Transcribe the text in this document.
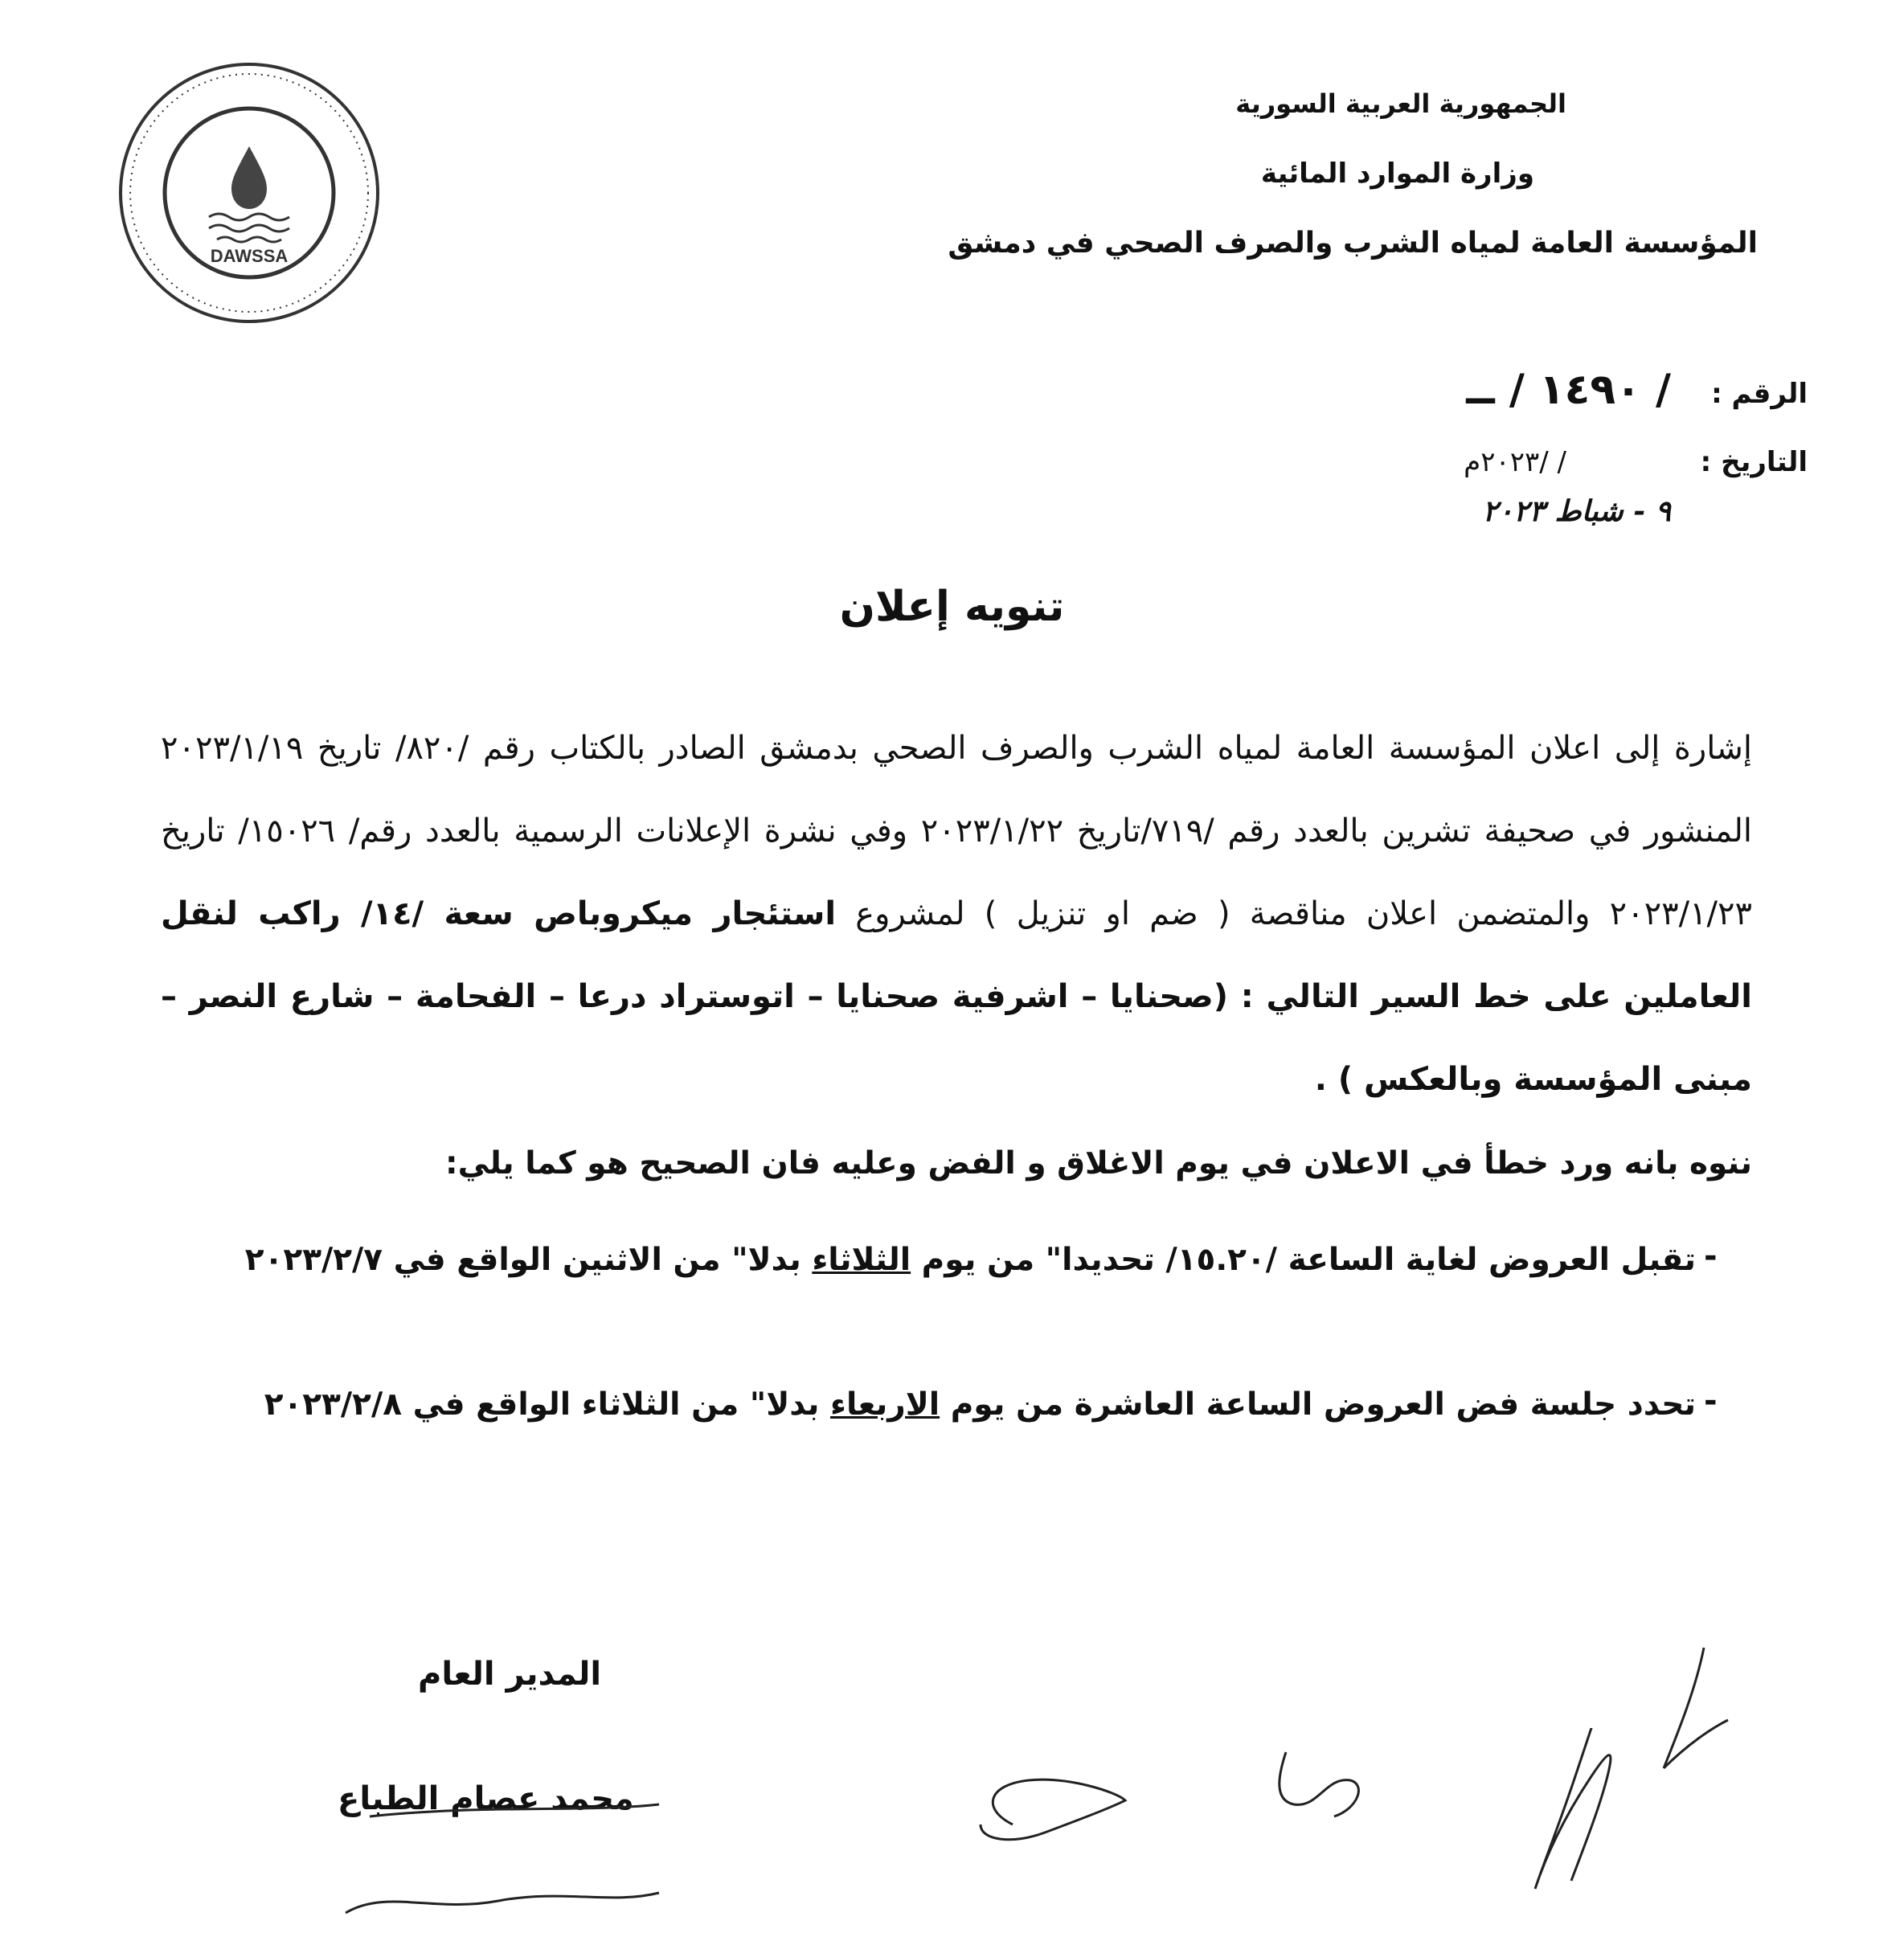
DAWSSA
الجمهورية العربية السورية
وزارة الموارد المائية
المؤسسة العامة لمياه الشرب والصرف الصحي في دمشق
الرقم :
/ ١٤٩٠ / ــ
التاريخ :
/ /٢٠٢٣م
٩ - شباط ٢٠٢٣
تنويه إعلان
إشارة إلى اعلان المؤسسة العامة لمياه الشرب والصرف الصحي بدمشق الصادر بالكتاب رقم /٨٢٠/ تاريخ ٢٠٢٣/١/١٩ المنشور في صحيفة تشرين بالعدد رقم /٧١٩/تاريخ ٢٠٢٣/١/٢٢ وفي نشرة الإعلانات الرسمية بالعدد رقم/ ١٥٠٢٦/ تاريخ ٢٠٢٣/١/٢٣ والمتضمن اعلان مناقصة ( ضم او تنزيل ) لمشروع استئجار ميكروباص سعة /١٤/ راكب لنقل العاملين على خط السير التالي : (صحنايا – اشرفية صحنايا – اتوستراد درعا – الفحامة – شارع النصر – مبنى المؤسسة وبالعكس ) .
ننوه بانه ورد خطأ في الاعلان في يوم الاغلاق و الفض وعليه فان الصحيح هو كما يلي:
-
تقبل العروض لغاية الساعة /١٥.٢٠/ تحديدا" من يوم الثلاثاء بدلا" من الاثنين الواقع في ٢٠٢٣/٢/٧
-
تحدد جلسة فض العروض الساعة العاشرة من يوم الاربعاء بدلا" من الثلاثاء الواقع في ٢٠٢٣/٢/٨
المدير العام
محمد عصام الطباع
